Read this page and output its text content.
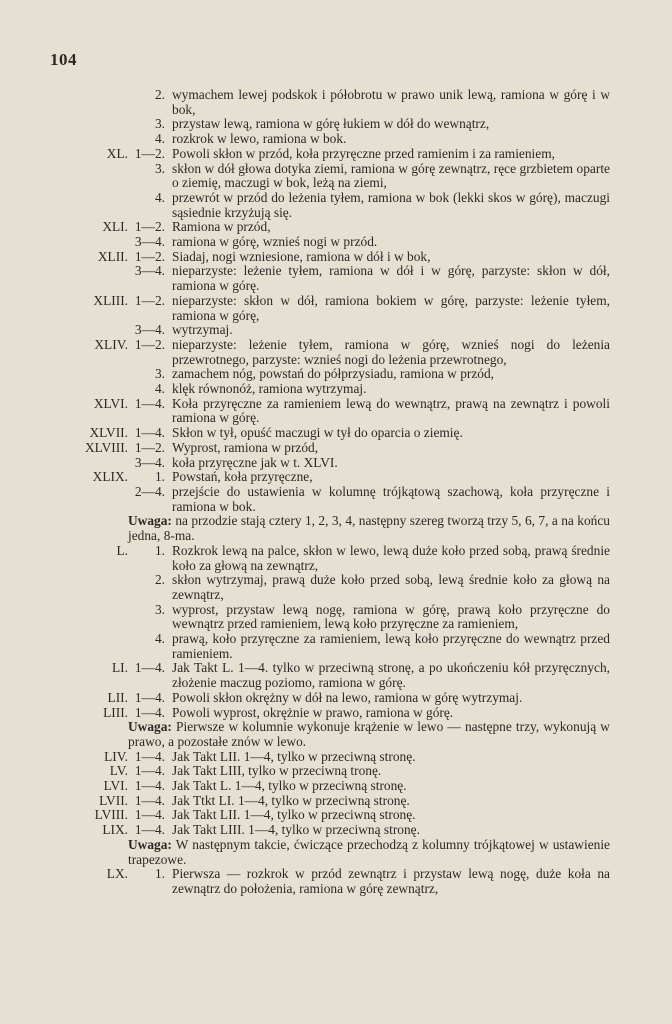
104
2. wymachem lewej podskok i półobrotu w prawo unik lewą, ramiona w górę i w bok,
3. przystaw lewą, ramiona w górę łukiem w dół do wewnątrz,
4. rozkrok w lewo, ramiona w bok.
XL. 1—2. Powoli skłon w przód, koła przyręczne przed ramienim i za ramieniem,
3. skłon w dół głowa dotyka ziemi, ramiona w górę zewnątrz, ręce grzbietem oparte o ziemię, maczugi w bok, leżą na ziemi,
4. przewrót w przód do leżenia tyłem, ramiona w bok (lekki skos w górę), maczugi sąsiednie krzyżują się.
XLI. 1—2. Ramiona w przód,
3—4. ramiona w górę, wznieś nogi w przód.
XLII. 1—2. Siadaj, nogi wzniesione, ramiona w dół i w bok,
3—4. nieparzyste: leżenie tyłem, ramiona w dół i w górę, parzyste: skłon w dół, ramiona w górę.
XLIII. 1—2. nieparzyste: skłon w dół, ramiona bokiem w górę, parzyste: leżenie tyłem, ramiona w górę,
3—4. wytrzymaj.
XLIV. 1—2. nieparzyste: leżenie tyłem, ramiona w górę, wznieś nogi do leżenia przewrotnego, parzyste: wznieś nogi do leżenia przewrotnego,
3. zamachem nóg, powstań do półprzysiadu, ramiona w przód,
4. klęk równonóż, ramiona wytrzymaj.
XLVI. 1—4. Koła przyręczne za ramieniem lewą do wewnątrz, prawą na zewnątrz i powoli ramiona w górę.
XLVII. 1—4. Skłon w tył, opuść maczugi w tył do oparcia o ziemię.
XLVIII. 1—2. Wyprost, ramiona w przód,
3—4. koła przyręczne jak w t. XLVI.
XLIX. 1. Powstań, koła przyręczne,
2—4. przejście do ustawienia w kolumnę trójkątową szachową, koła przyręczne i ramiona w bok.
Uwaga: na przodzie stają cztery 1, 2, 3, 4, następny szereg tworzą trzy 5, 6, 7, a na końcu jedna, 8-ma.
L. 1. Rozkrok lewą na palce, skłon w lewo, lewą duże koło przed sobą, prawą średnie koło za głową na zewnątrz,
2. skłon wytrzymaj, prawą duże koło przed sobą, lewą średnie koło za głową na zewnątrz,
3. wyprost, przystaw lewą nogę, ramiona w górę, prawą koło przyręczne do wewnątrz przed ramieniem, lewą koło przyręczne za ramieniem,
4. prawą, koło przyręczne za ramieniem, lewą koło przyręczne do wewnątrz przed ramieniem.
LI. 1—4. Jak Takt L. 1—4. tylko w przeciwną stronę, a po ukończeniu kół przyręcznych, złożenie maczug poziomo, ramiona w górę.
LII. 1—4. Powoli skłon okrężny w dół na lewo, ramiona w górę wytrzymaj.
LIII. 1—4. Powoli wyprost, okrężnie w prawo, ramiona w górę.
Uwaga: Pierwsze w kolumnie wykonuje krążenie w lewo — następne trzy, wykonują w prawo, a pozostałe znów w lewo.
LIV. 1—4. Jak Takt LII. 1—4, tylko w przeciwną stronę.
LV. 1—4. Jak Takt LIII, tylko w przeciwną tronę.
LVI. 1—4. Jak Takt L. 1—4, tylko w przeciwną stronę.
LVII. 1—4. Jak Ttkt LI. 1—4, tylko w przeciwną stronę.
LVIII. 1—4. Jak Takt LII. 1—4, tylko w przeciwną stronę.
LIX. 1—4. Jak Takt LIII. 1—4, tylko w przeciwną stronę.
Uwaga: W następnym takcie, ćwiczące przechodzą z kolumny trójkątowej w ustawienie trapezowe.
LX. 1. Pierwsza — rozkrok w przód zewnątrz i przystaw lewą nogę, duże koła na zewnątrz do położenia, ramiona w górę zewnątrz,
